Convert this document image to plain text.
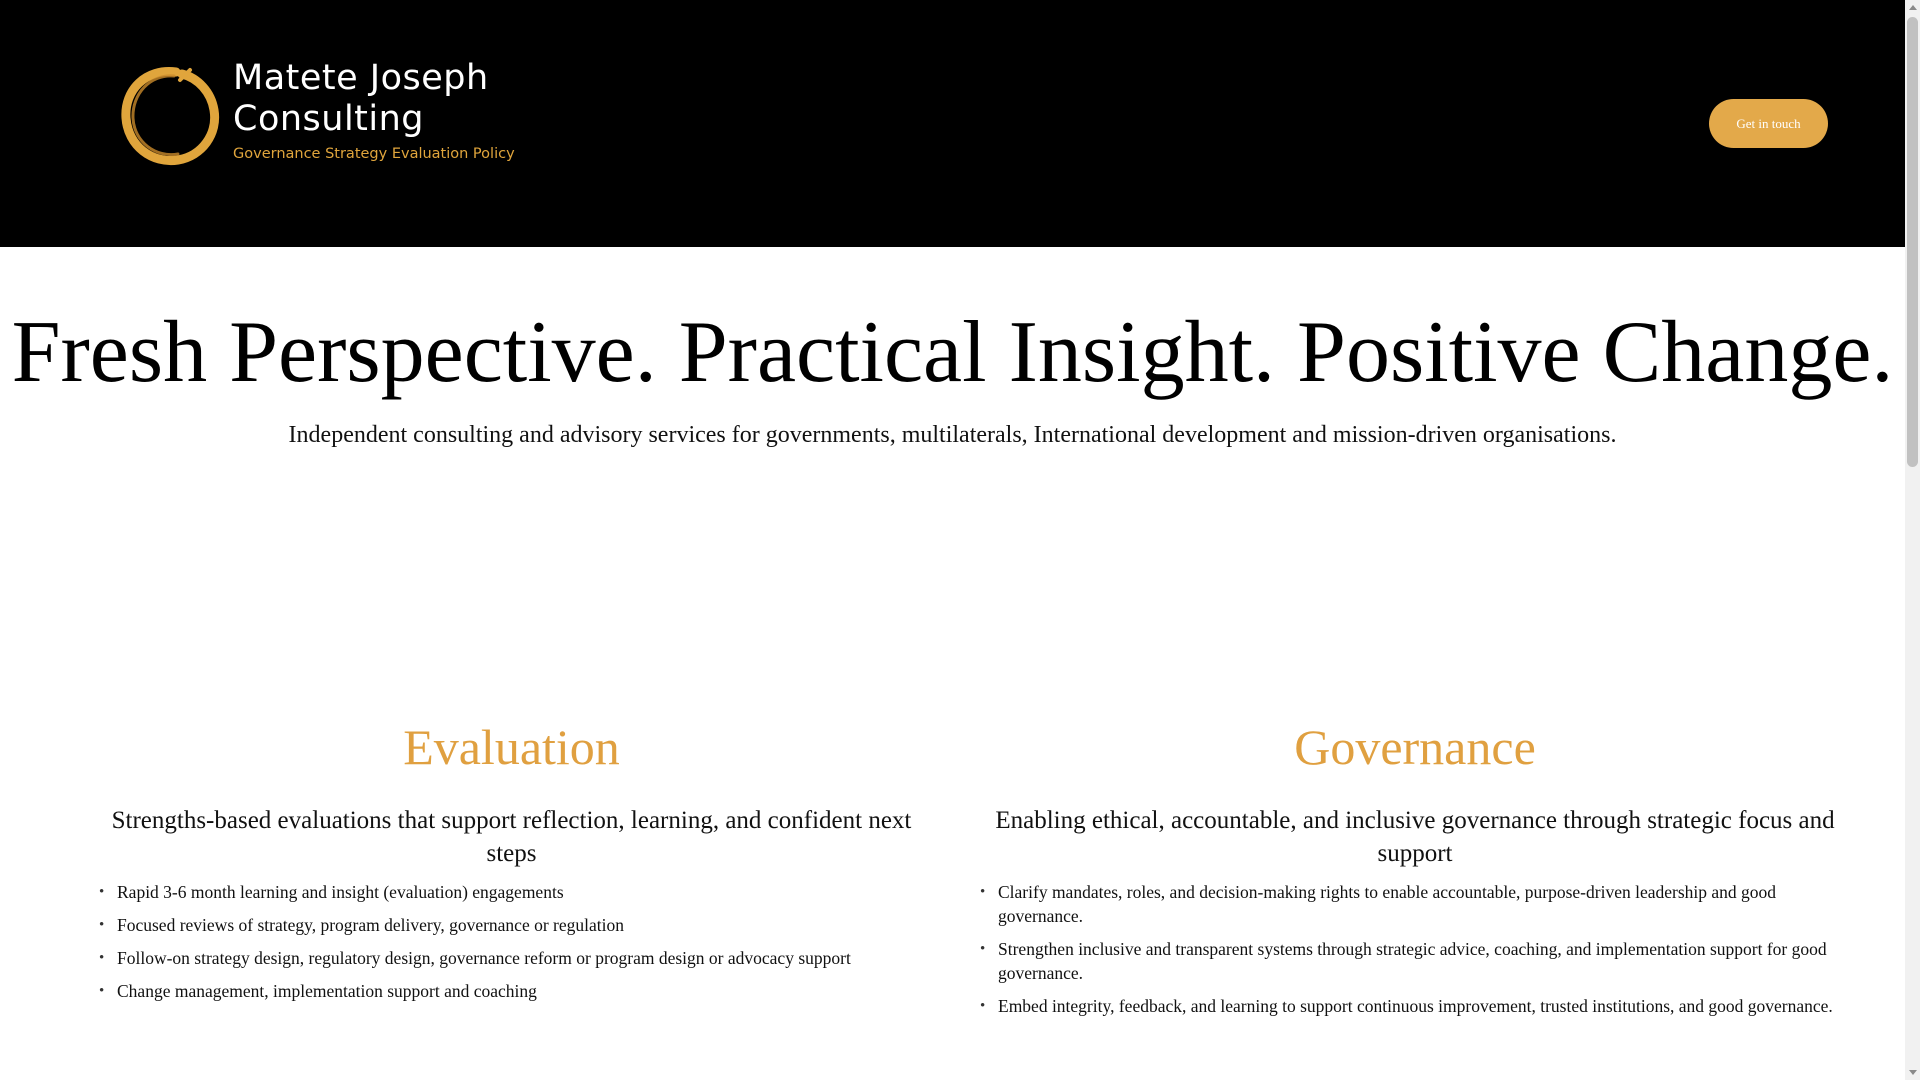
Matete Joseph Consulting
Governance Strategy Evaluation Policy
Get in touch
Fresh Perspective. Practical Insight. Positive Change.

Independent consulting and advisory services for governments, multilaterals, International development and mission-driven organisations.

Evaluation

Strengths-based evaluations that support reflection, learning, and confident next steps

• Rapid 3-6 month learning and insight (evaluation) engagements
• Focused reviews of strategy, program delivery, governance or regulation
• Follow-on strategy design, regulatory design, governance reform or program design or advocacy support
• Change management, implementation support and coaching
Governance

Enabling ethical, accountable, and inclusive governance through strategic focus and support

• Clarify mandates, roles, and decision-making rights to enable accountable, purpose-driven leadership and good governance.
• Strengthen inclusive and transparent systems through strategic advice, coaching, and implementation support for good governance.
• Embed integrity, feedback, and learning to support continuous improvement, trusted institutions, and good governance.
